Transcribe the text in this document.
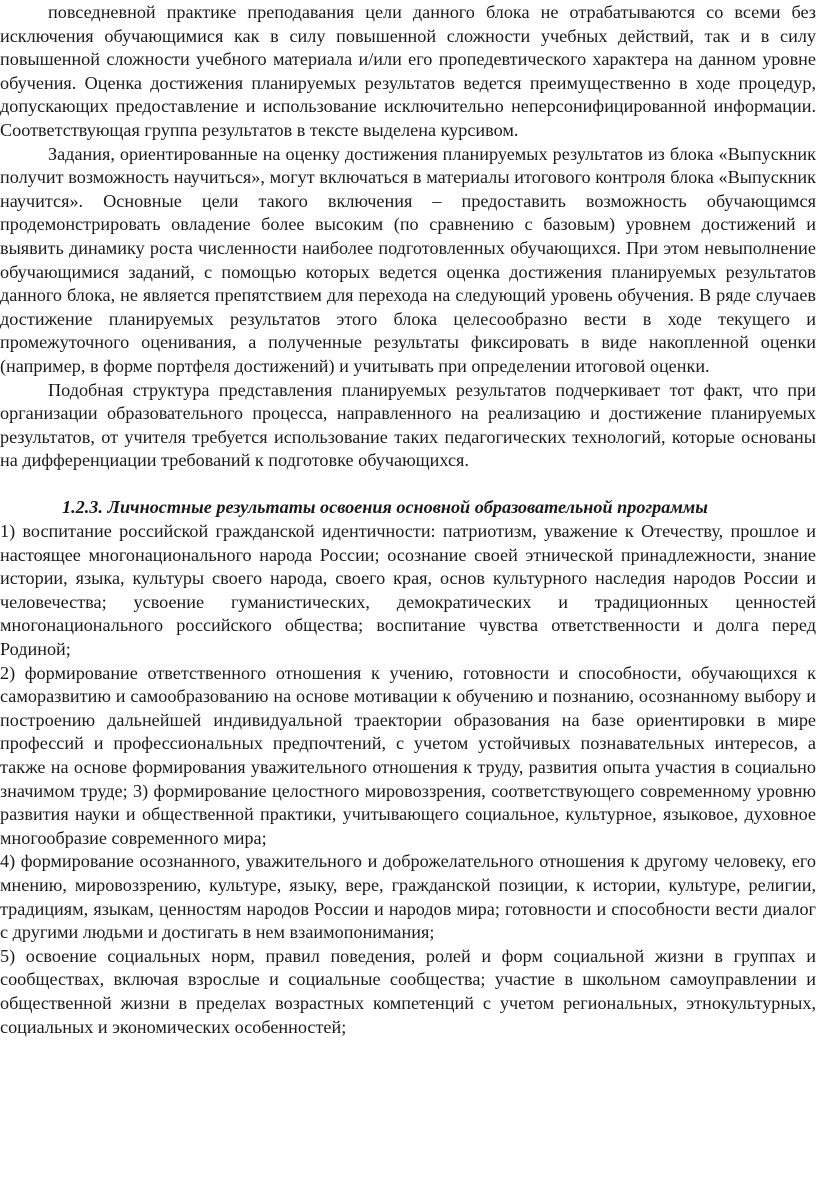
повседневной практике преподавания цели данного блока не отрабатываются со всеми без исключения обучающимися как в силу повышенной сложности учебных действий, так и в силу повышенной сложности учебного материала и/или его пропедевтического характера на данном уровне обучения. Оценка достижения планируемых результатов ведется преимущественно в ходе процедур, допускающих предоставление и использование исключительно неперсонифицированной информации. Соответствующая группа результатов в тексте выделена курсивом.

Задания, ориентированные на оценку достижения планируемых результатов из блока «Выпускник получит возможность научиться», могут включаться в материалы итогового контроля блока «Выпускник научится». Основные цели такого включения – предоставить возможность обучающимся продемонстрировать овладение более высоким (по сравнению с базовым) уровнем достижений и выявить динамику роста численности наиболее подготовленных обучающихся. При этом невыполнение обучающимися заданий, с помощью которых ведется оценка достижения планируемых результатов данного блока, не является препятствием для перехода на следующий уровень обучения. В ряде случаев достижение планируемых результатов этого блока целесообразно вести в ходе текущего и промежуточного оценивания, а полученные результаты фиксировать в виде накопленной оценки (например, в форме портфеля достижений) и учитывать при определении итоговой оценки.

Подобная структура представления планируемых результатов подчеркивает тот факт, что при организации образовательного процесса, направленного на реализацию и достижение планируемых результатов, от учителя требуется использование таких педагогических технологий, которые основаны на дифференциации требований к подготовке обучающихся.

1.2.3. Личностные результаты освоения основной образовательной программы

1) воспитание российской гражданской идентичности: патриотизм, уважение к Отечеству, прошлое и настоящее многонационального народа России; осознание своей этнической принадлежности, знание истории, языка, культуры своего народа, своего края, основ культурного наследия народов России и человечества; усвоение гуманистических, демократических и традиционных ценностей многонационального российского общества; воспитание чувства ответственности и долга перед Родиной;

2) формирование ответственного отношения к учению, готовности и способности, обучающихся к саморазвитию и самообразованию на основе мотивации к обучению и познанию, осознанному выбору и построению дальнейшей индивидуальной траектории образования на базе ориентировки в мире профессий и профессиональных предпочтений, с учетом устойчивых познавательных интересов, а также на основе формирования уважительного отношения к труду, развития опыта участия в социально значимом труде; 3) формирование целостного мировоззрения, соответствующего современному уровню развития науки и общественной практики, учитывающего социальное, культурное, языковое, духовное многообразие современного мира;

4) формирование осознанного, уважительного и доброжелательного отношения к другому человеку, его мнению, мировоззрению, культуре, языку, вере, гражданской позиции, к истории, культуре, религии, традициям, языкам, ценностям народов России и народов мира; готовности и способности вести диалог с другими людьми и достигать в нем взаимопонимания;

5) освоение социальных норм, правил поведения, ролей и форм социальной жизни в группах и сообществах, включая взрослые и социальные сообщества; участие в школьном самоуправлении и общественной жизни в пределах возрастных компетенций с учетом региональных, этнокультурных, социальных и экономических особенностей;
